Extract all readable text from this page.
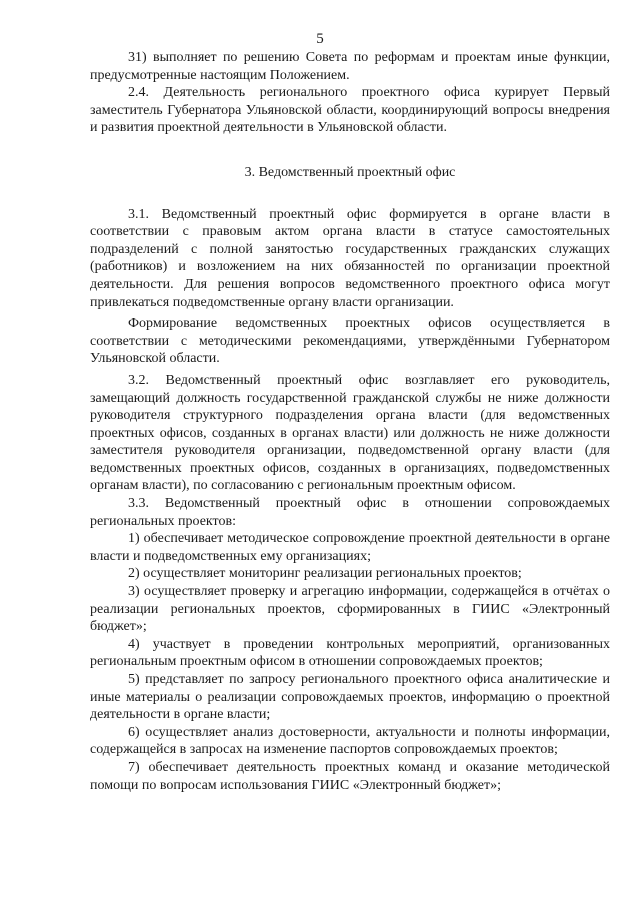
5

31) выполняет по решению Совета по реформам и проектам иные функции, предусмотренные настоящим Положением.

2.4. Деятельность регионального проектного офиса курирует Первый заместитель Губернатора Ульяновской области, координирующий вопросы внедрения и развития проектной деятельности в Ульяновской области.

3. Ведомственный проектный офис

3.1. Ведомственный проектный офис формируется в органе власти в соответствии с правовым актом органа власти в статусе самостоятельных подразделений с полной занятостью государственных гражданских служащих (работников) и возложением на них обязанностей по организации проектной деятельности. Для решения вопросов ведомственного проектного офиса могут привлекаться подведомственные органу власти организации.

Формирование ведомственных проектных офисов осуществляется в соответствии с методическими рекомендациями, утверждёнными Губернатором Ульяновской области.

3.2. Ведомственный проектный офис возглавляет его руководитель, замещающий должность государственной гражданской службы не ниже должности руководителя структурного подразделения органа власти (для ведомственных проектных офисов, созданных в органах власти) или должность не ниже должности заместителя руководителя организации, подведомственной органу власти (для ведомственных проектных офисов, созданных в организациях, подведомственных органам власти), по согласованию с региональным проектным офисом.

3.3. Ведомственный проектный офис в отношении сопровождаемых региональных проектов:

1) обеспечивает методическое сопровождение проектной деятельности в органе власти и подведомственных ему организациях;

2) осуществляет мониторинг реализации региональных проектов;

3) осуществляет проверку и агрегацию информации, содержащейся в отчётах о реализации региональных проектов, сформированных в ГИИС «Электронный бюджет»;

4) участвует в проведении контрольных мероприятий, организованных региональным проектным офисом в отношении сопровождаемых проектов;

5) представляет по запросу регионального проектного офиса аналитические и иные материалы о реализации сопровождаемых проектов, информацию о проектной деятельности в органе власти;

6) осуществляет анализ достоверности, актуальности и полноты информации, содержащейся в запросах на изменение паспортов сопровождаемых проектов;

7) обеспечивает деятельность проектных команд и оказание методической помощи по вопросам использования ГИИС «Электронный бюджет»;
